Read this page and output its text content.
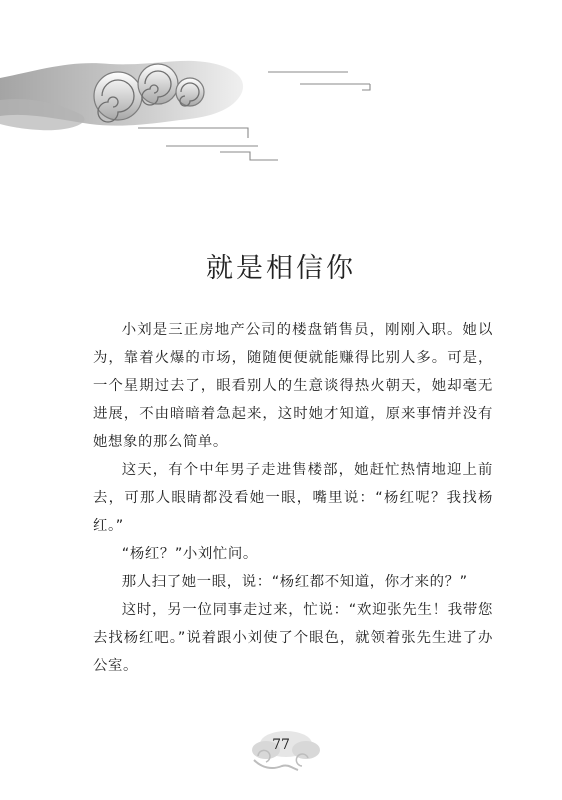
就是相信你

小刘是三正房地产公司的楼盘销售员，刚刚入职。她以为，靠着火爆的市场，随随便便就能赚得比别人多。可是，一个星期过去了，眼看别人的生意谈得热火朝天，她却毫无进展，不由暗暗着急起来，这时她才知道，原来事情并没有她想象的那么简单。

这天，有个中年男子走进售楼部，她赶忙热情地迎上前去，可那人眼睛都没看她一眼，嘴里说：“杨红呢？我找杨红。”

“杨红？”小刘忙问。

那人扫了她一眼，说：“杨红都不知道，你才来的？”

这时，另一位同事走过来，忙说：“欢迎张先生！我带您去找杨红吧。”说着跟小刘使了个眼色，就领着张先生进了办公室。

77
